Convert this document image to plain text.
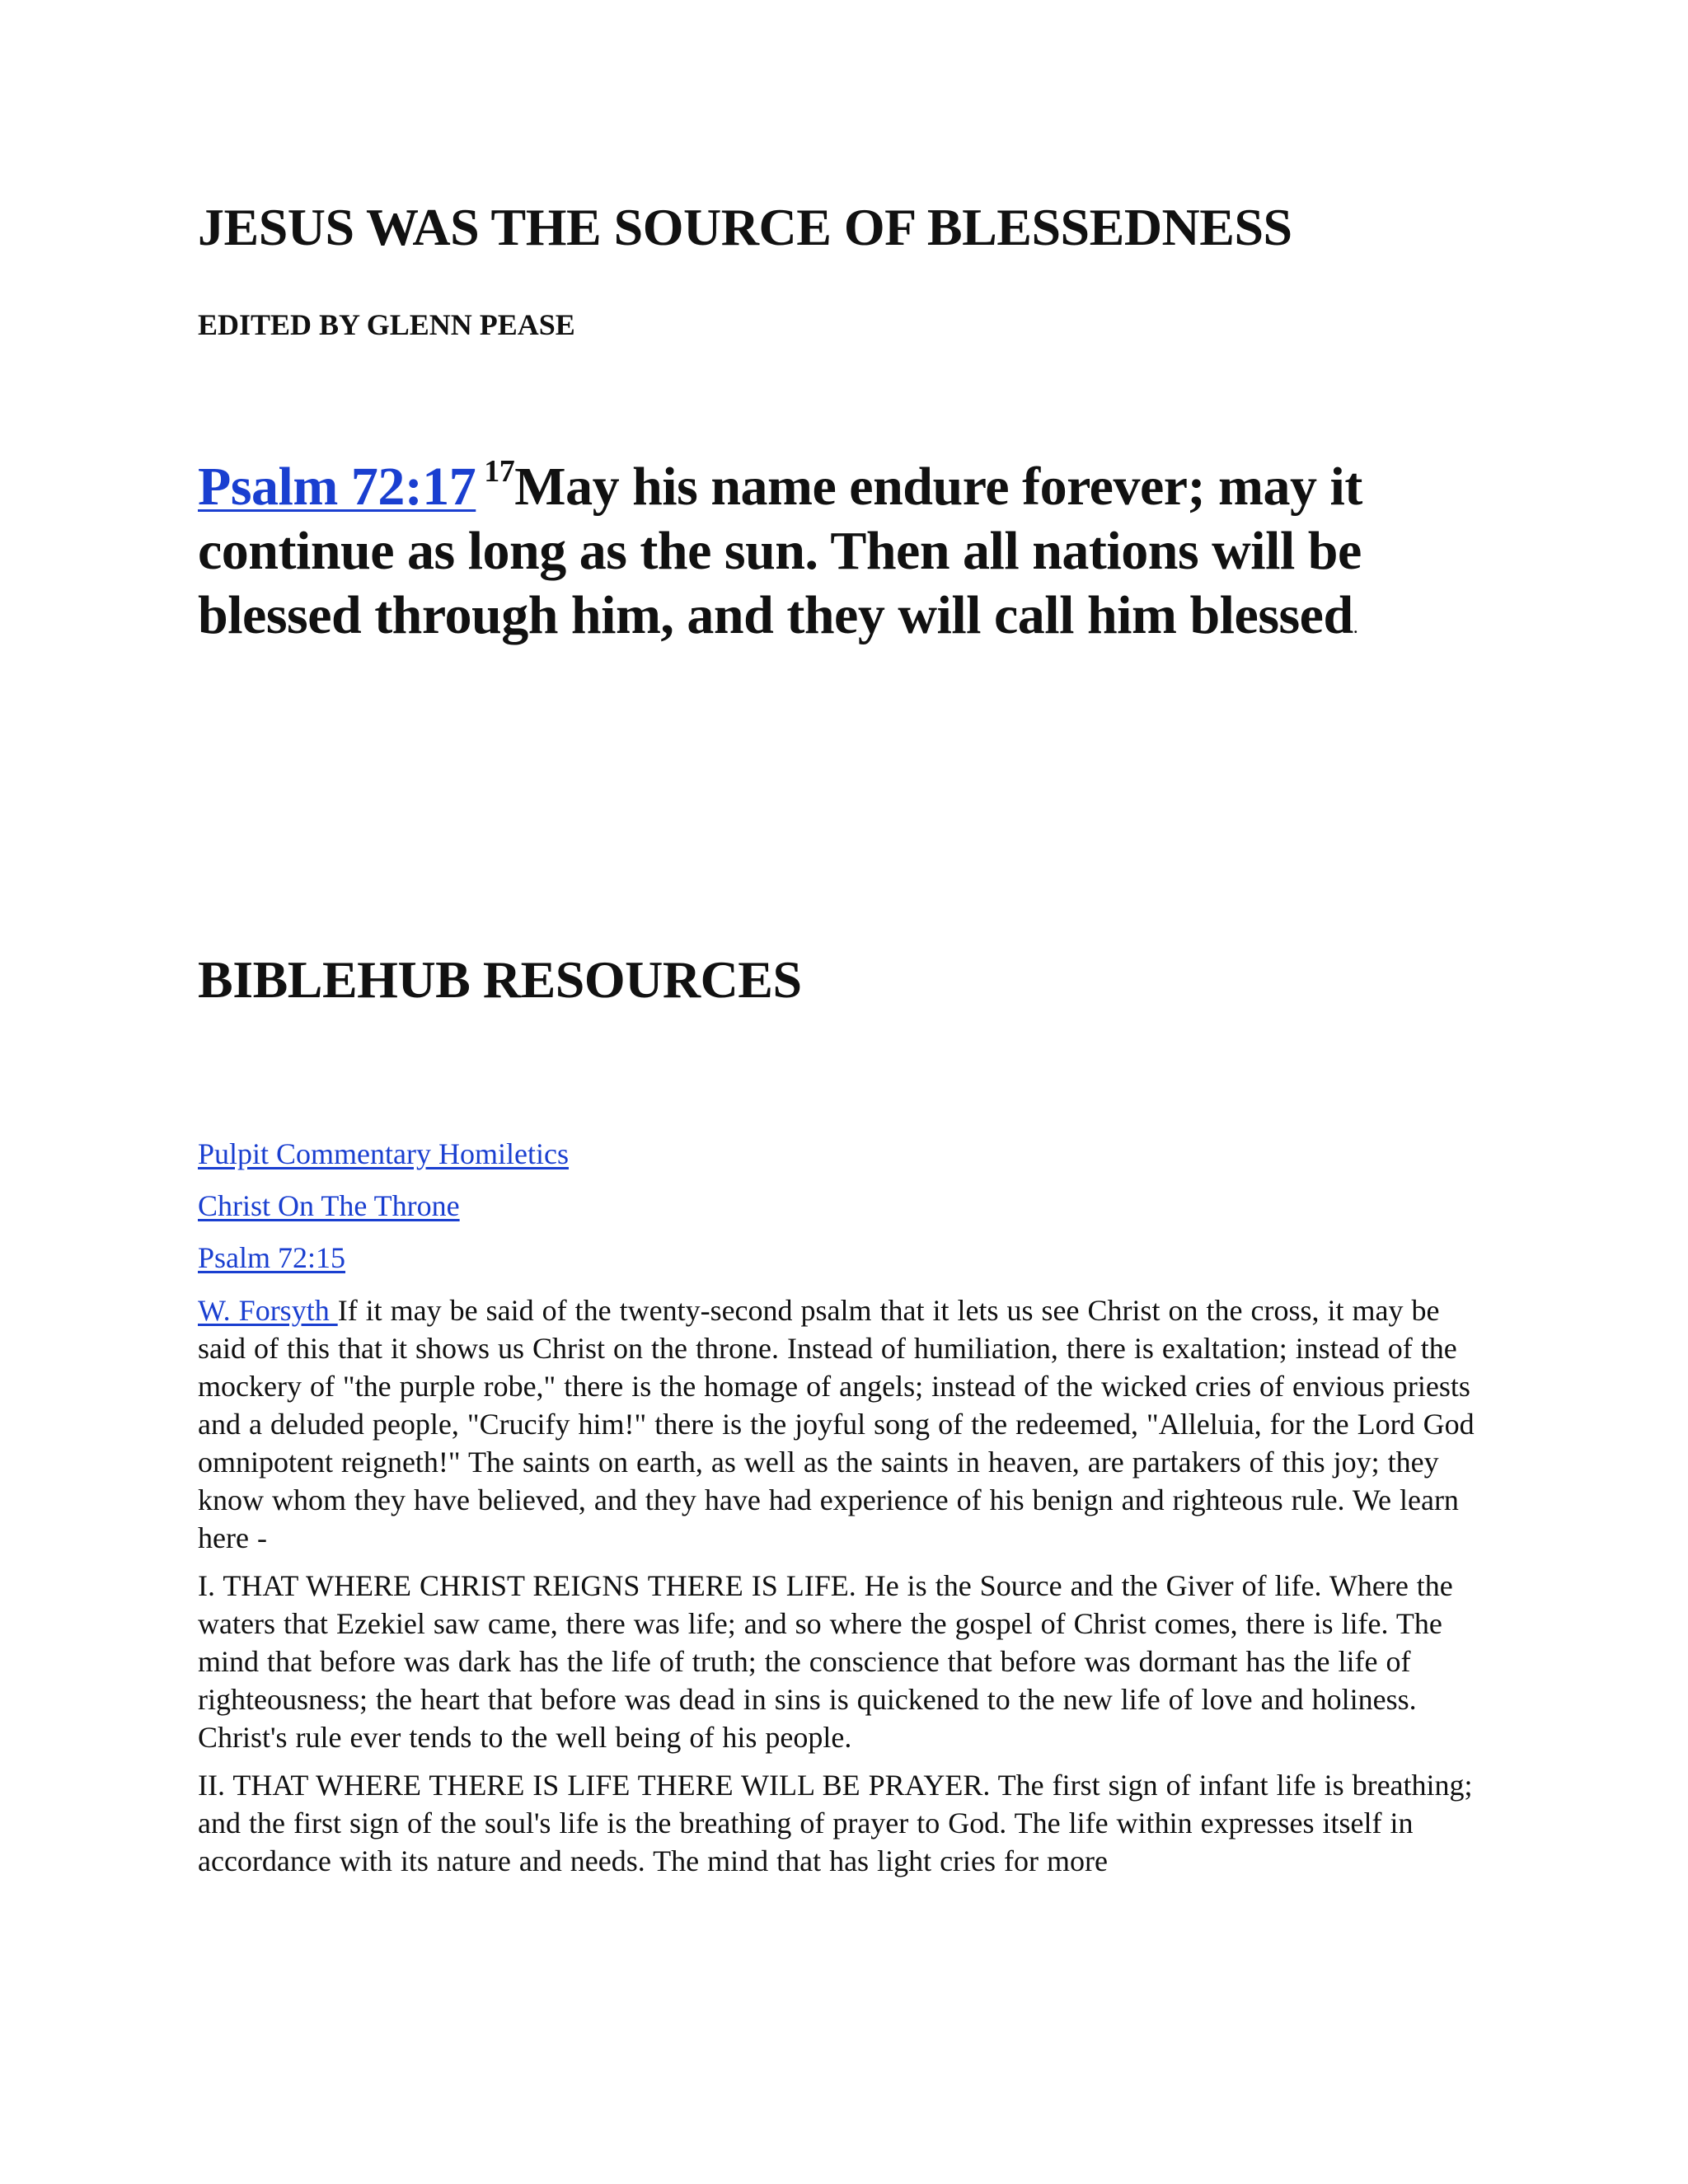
JESUS WAS THE SOURCE OF BLESSEDNESS
EDITED BY GLENN PEASE

Psalm 72:17 $^{17}$May his name endure forever; may it continue as long as the sun. Then all nations will be blessed through him, and they will call him blessed.

BIBLEHUB RESOURCES
Pulpit Commentary Homiletics
Christ On The Throne
Psalm 72:15

W. Forsyth If it may be said of the twenty-second psalm that it lets us see Christ on the cross, it may be said of this that it shows us Christ on the throne. Instead of humiliation, there is exaltation; instead of the mockery of "the purple robe," there is the homage of angels; instead of the wicked cries of envious priests and a deluded people, "Crucify him!" there is the joyful song of the redeemed, "Alleluia, for the Lord God omnipotent reigneth!" The saints on earth, as well as the saints in heaven, are partakers of this joy; they know whom they have believed, and they have had experience of his benign and righteous rule. We learn here -

I. THAT WHERE CHRIST REIGNS THERE IS LIFE. He is the Source and the Giver of life. Where the waters that Ezekiel saw came, there was life; and so where the gospel of Christ comes, there is life. The mind that before was dark has the life of truth; the conscience that before was dormant has the life of righteousness; the heart that before was dead in sins is quickened to the new life of love and holiness. Christ's rule ever tends to the well being of his people.

II. THAT WHERE THERE IS LIFE THERE WILL BE PRAYER. The first sign of infant life is breathing; and the first sign of the soul's life is the breathing of prayer to God. The life within expresses itself in accordance with its nature and needs. The mind that has light cries for more
